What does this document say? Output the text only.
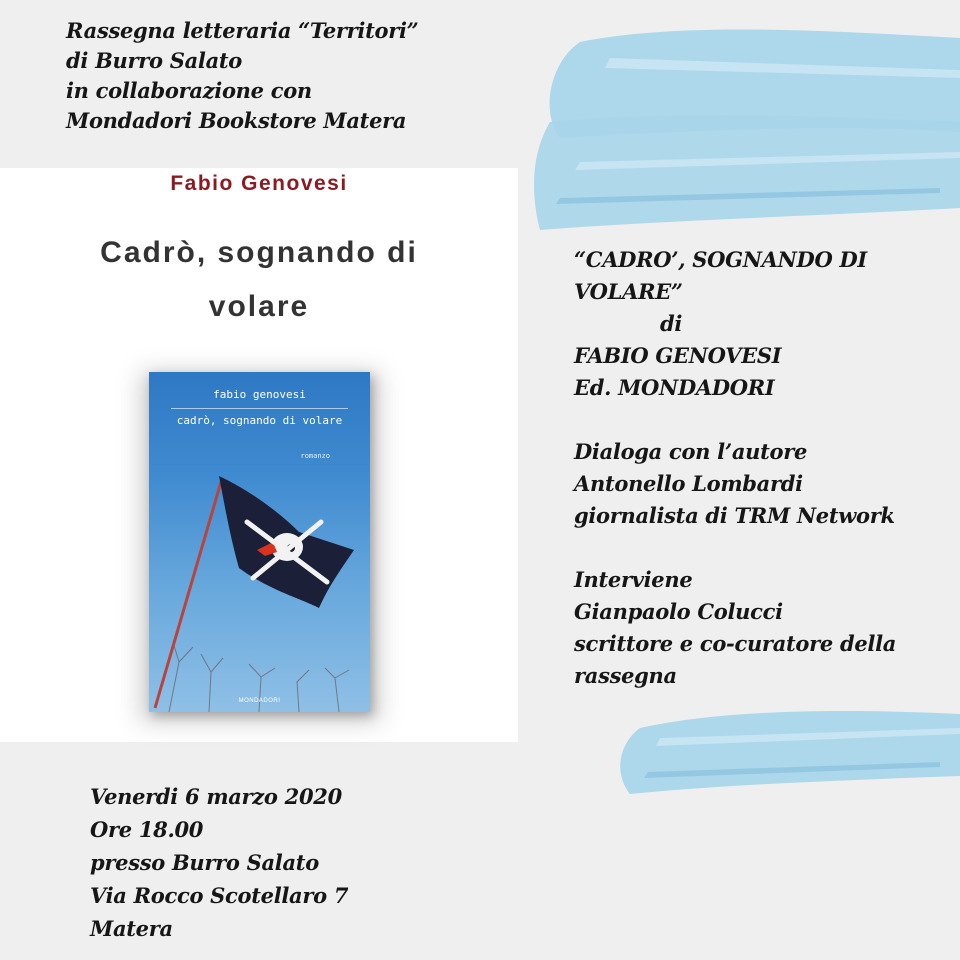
Rassegna letteraria “Territori”
di Burro Salato
in collaborazione con
Mondadori Bookstore Matera
Fabio Genovesi
Cadrò, sognando di
volare
fabio genovesi
cadrò, sognando di volare
romanzo
MONDADORI
“CADRO’, SOGNANDO DI
VOLARE”
di
FABIO GENOVESI
Ed. MONDADORI
Dialoga con l’autore
Antonello Lombardi
giornalista di TRM Network
Interviene
Gianpaolo Colucci
scrittore e co-curatore della
rassegna
Venerdi 6 marzo 2020
Ore 18.00
presso Burro Salato
Via Rocco Scotellaro 7
Matera
